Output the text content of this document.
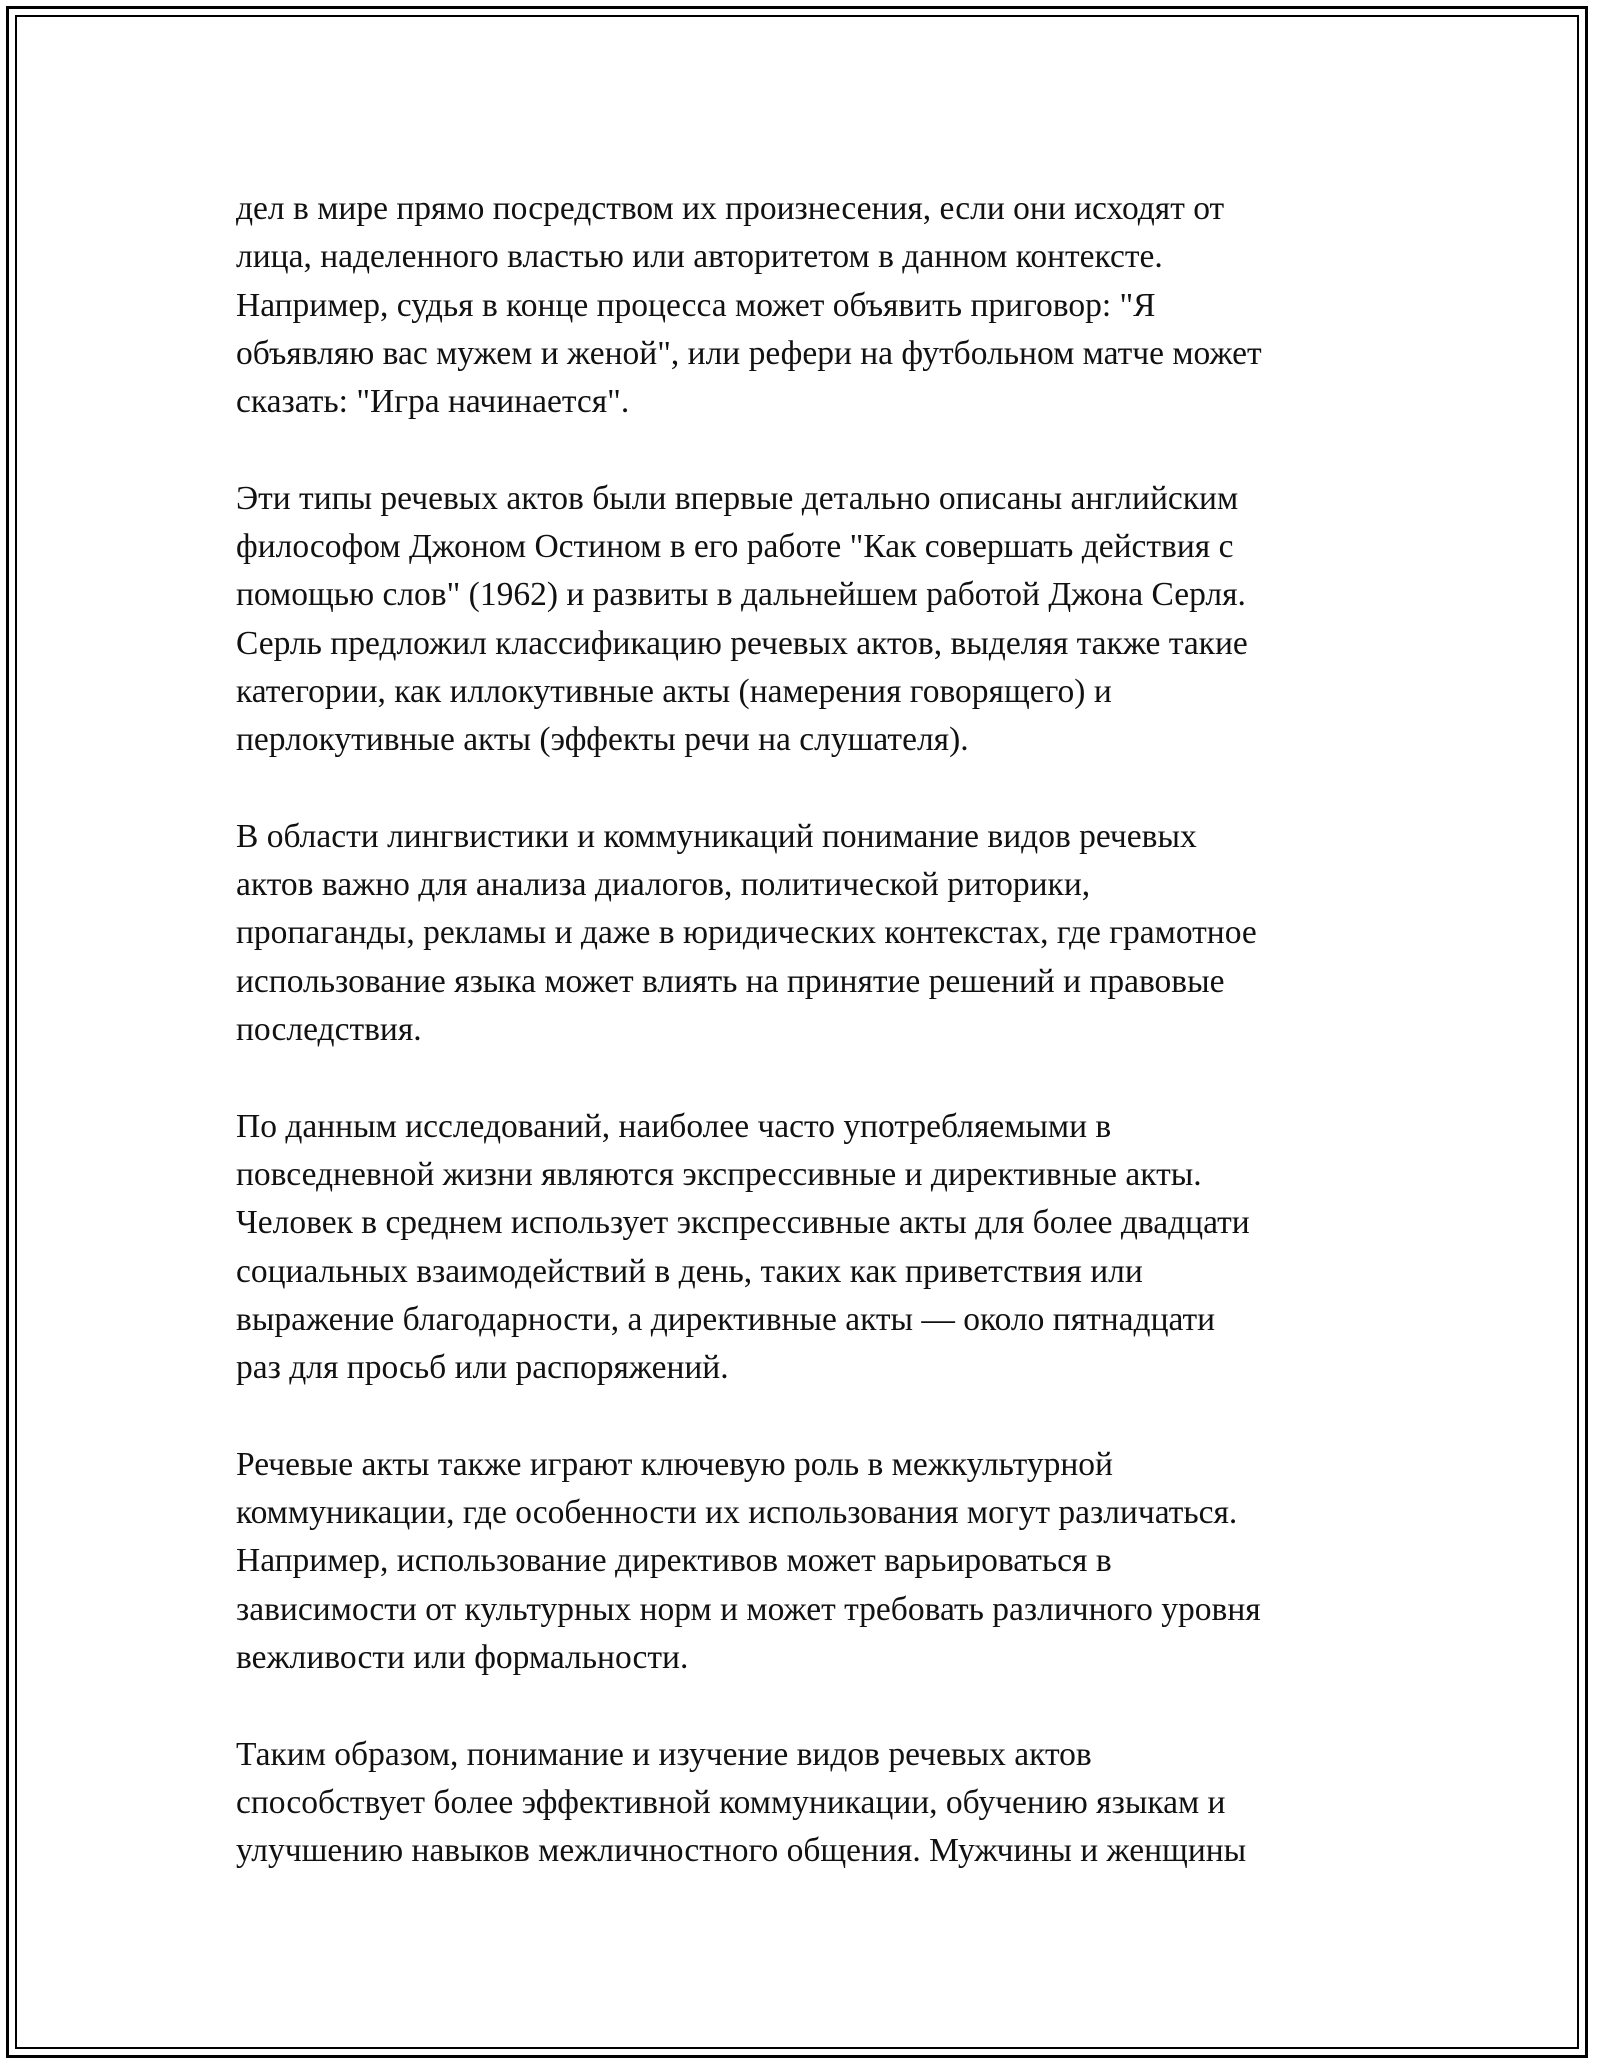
дел в мире прямо посредством их произнесения, если они исходят от
лица, наделенного властью или авторитетом в данном контексте.
Например, судья в конце процесса может объявить приговор: "Я
объявляю вас мужем и женой", или рефери на футбольном матче может
сказать: "Игра начинается".

Эти типы речевых актов были впервые детально описаны английским
философом Джоном Остином в его работе "Как совершать действия с
помощью слов" (1962) и развиты в дальнейшем работой Джона Серля.
Серль предложил классификацию речевых актов, выделяя также такие
категории, как иллокутивные акты (намерения говорящего) и
перлокутивные акты (эффекты речи на слушателя).

В области лингвистики и коммуникаций понимание видов речевых
актов важно для анализа диалогов, политической риторики,
пропаганды, рекламы и даже в юридических контекстах, где грамотное
использование языка может влиять на принятие решений и правовые
последствия.

По данным исследований, наиболее часто употребляемыми в
повседневной жизни являются экспрессивные и директивные акты.
Человек в среднем использует экспрессивные акты для более двадцати
социальных взаимодействий в день, таких как приветствия или
выражение благодарности, а директивные акты — около пятнадцати
раз для просьб или распоряжений.

Речевые акты также играют ключевую роль в межкультурной
коммуникации, где особенности их использования могут различаться.
Например, использование директивов может варьироваться в
зависимости от культурных норм и может требовать различного уровня
вежливости или формальности.

Таким образом, понимание и изучение видов речевых актов
способствует более эффективной коммуникации, обучению языкам и
улучшению навыков межличностного общения. Мужчины и женщины
